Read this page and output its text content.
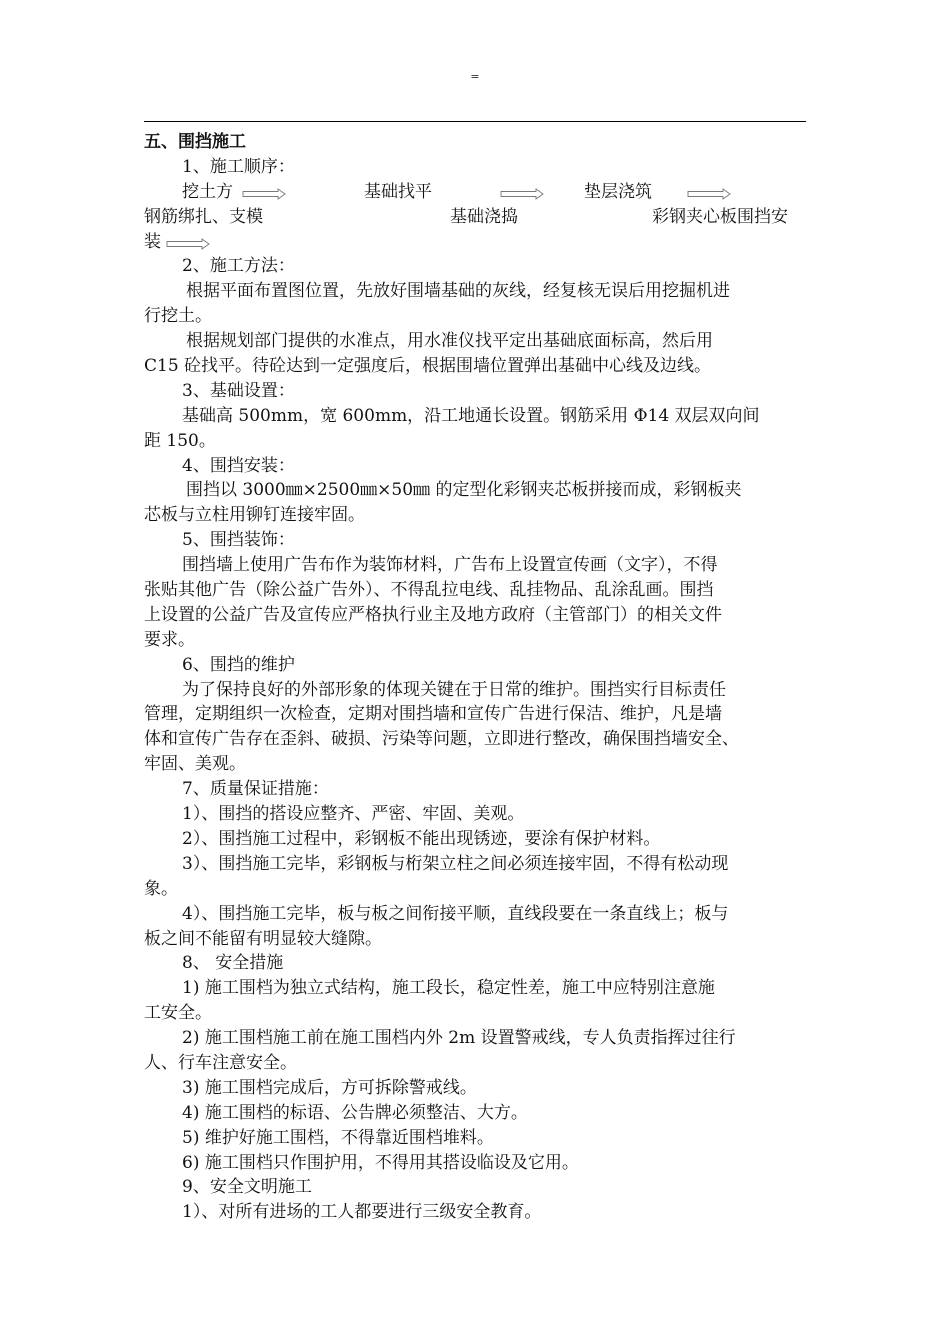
=
五、围挡施工
1、施工顺序：
挖土方	基础找平	垫层浇筑
钢筋绑扎、支模	基础浇捣	彩钢夹心板围挡安
装
2、施工方法：
根据平面布置图位置，先放好围墙基础的灰线，经复核无误后用挖掘机进
行挖土。
根据规划部门提供的水准点，用水准仪找平定出基础底面标高，然后用
C15 砼找平。待砼达到一定强度后，根据围墙位置弹出基础中心线及边线。
3、基础设置：
基础高 500mm，宽 600mm，沿工地通长设置。钢筋采用 Φ14 双层双向间
距 150。
4、围挡安装：
围挡以 3000㎜×2500㎜×50㎜ 的定型化彩钢夹芯板拼接而成，彩钢板夹
芯板与立柱用铆钉连接牢固。
5、围挡装饰：
围挡墙上使用广告布作为装饰材料，广告布上设置宣传画（文字），不得
张贴其他广告（除公益广告外）、不得乱拉电线、乱挂物品、乱涂乱画。围挡
上设置的公益广告及宣传应严格执行业主及地方政府（主管部门）的相关文件
要求。
6、围挡的维护
为了保持良好的外部形象的体现关键在于日常的维护。围挡实行目标责任
管理，定期组织一次检查，定期对围挡墙和宣传广告进行保洁、维护，凡是墙
体和宣传广告存在歪斜、破损、污染等问题，立即进行整改，确保围挡墙安全、
牢固、美观。
7、质量保证措施：
1）、围挡的搭设应整齐、严密、牢固、美观。
2）、围挡施工过程中，彩钢板不能出现锈迹，要涂有保护材料。
3）、围挡施工完毕，彩钢板与桁架立柱之间必须连接牢固，不得有松动现
象。
4）、围挡施工完毕，板与板之间衔接平顺，直线段要在一条直线上；板与
板之间不能留有明显较大缝隙。
8、 安全措施
1) 施工围档为独立式结构，施工段长，稳定性差，施工中应特别注意施
工安全。
2) 施工围档施工前在施工围档内外 2m 设置警戒线，专人负责指挥过往行
人、行车注意安全。
3) 施工围档完成后，方可拆除警戒线。
4) 施工围档的标语、公告牌必须整洁、大方。
5) 维护好施工围档，不得靠近围档堆料。
6) 施工围档只作围护用，不得用其搭设临设及它用。
9、安全文明施工
1）、对所有进场的工人都要进行三级安全教育。
